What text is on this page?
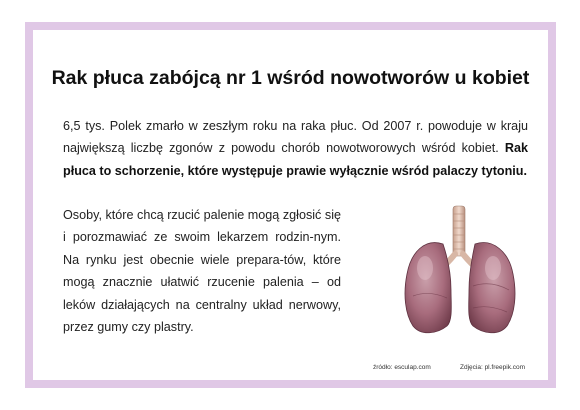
Rak płuca zabójcą nr 1 wśród nowotworów u kobiet
6,5 tys. Polek zmarło w zeszłym roku na raka płuc. Od 2007 r. powoduje w kraju największą liczbę zgonów z powodu chorób nowotworowych wśród kobiet. Rak płuca to schorzenie, które występuje prawie wyłącznie wśród palaczy tytoniu.
Osoby, które chcą rzucić palenie mogą zgłosić się i porozmawiać ze swoim lekarzem rodzin-nym. Na rynku jest obecnie wiele prepara-tów, które mogą znacznie ułatwić rzucenie palenia – od leków działających na centralny układ nerwowy, przez gumy czy plastry.
źródło: esculap.com	Zdjęcia: pl.freepik.com
